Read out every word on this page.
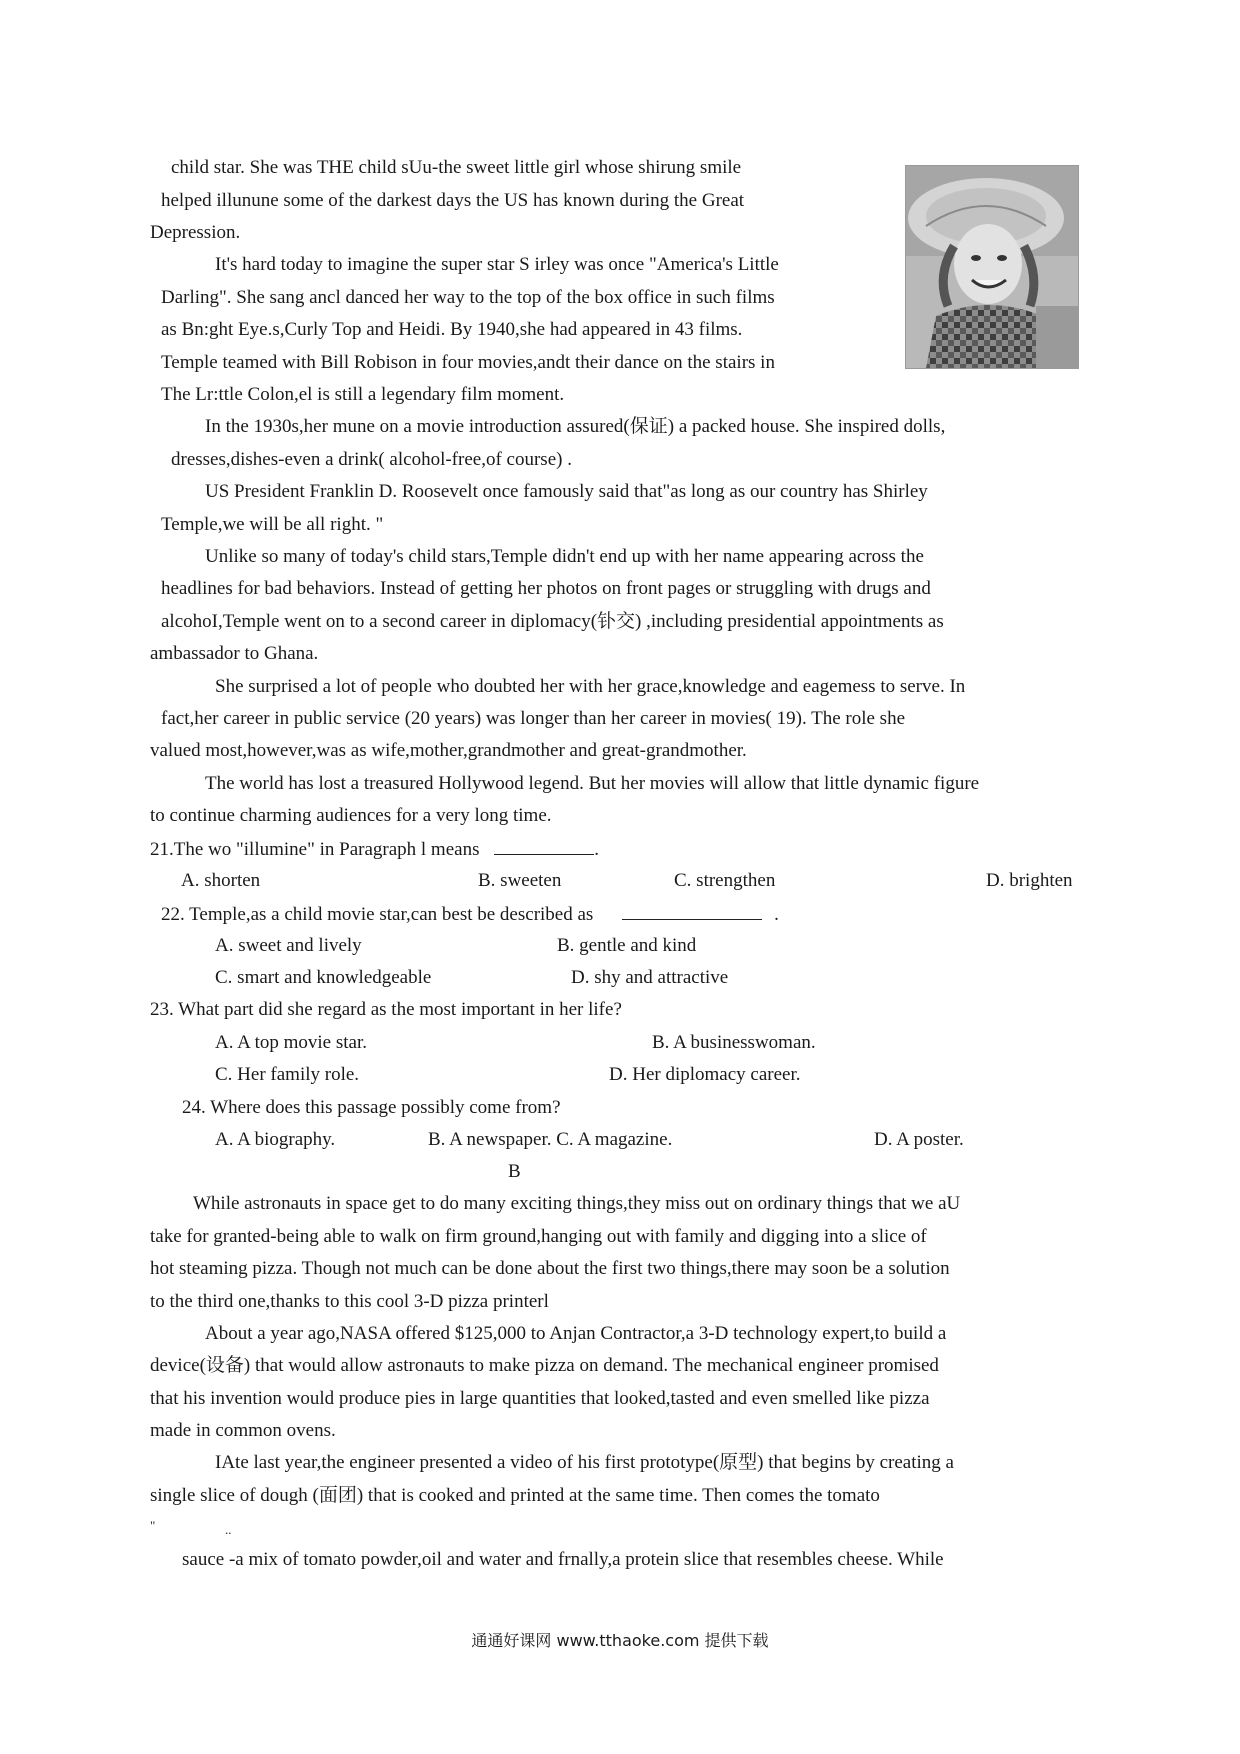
child star. She was THE child sUu-the sweet little girl whose shirung smile
helped illunune some of the darkest days the US has known during the Great
Depression.
It's hard today to imagine the super star S irley was once "America's Little
Darling". She sang ancl danced her way to the top of the box office in such films
as Bn:ght Eye.s,Curly Top and Heidi. By 1940,she had appeared in 43 films.
Temple teamed with Bill Robison in four movies,andt their dance on the stairs in
The Lr:ttle Colon,el is still a legendary film moment.
In the 1930s,her mune on a movie introduction assured(保证) a packed house. She inspired dolls,
dresses,dishes-even a drink( alcohol-free,of course) .
US President Franklin D. Roosevelt once famously said that"as long as our country has Shirley
Temple,we will be all right. "
Unlike so many of today's child stars,Temple didn't end up with her name appearing across the
headlines for bad behaviors. Instead of getting her photos on front pages or struggling with drugs and
alcohoI,Temple went on to a second career in diplomacy(钋交) ,including presidential appointments as
ambassador to Ghana.
She surprised a lot of people who doubted her with her grace,knowledge and eagemess to serve. In
fact,her career in public service (20 years) was longer than her career in movies( 19). The role she
valued most,however,was as wife,mother,grandmother and great-grandmother.
The world has lost a treasured Hollywood legend. But her movies will allow that little dynamic figure
to continue charming audiences for a very long time.
21.The wo "illumine" in Paragraph l means	.
A. shorten	B. sweeten	C. strengthen	D. brighten
22. Temple,as a child movie star,can best be described as	.
A. sweet and lively	B. gentle and kind
C. smart and knowledgeable	D. shy and attractive
23. What part did she regard as the most important in her life?
A. A top movie star.	B. A businesswoman.
C. Her family role.	D. Her diplomacy career.
24. Where does this passage possibly come from?
A. A biography.	B. A newspaper. C. A magazine.	D. A poster.
B
While astronauts in space get to do many exciting things,they miss out on ordinary things that we aU
take for granted-being able to walk on firm ground,hanging out with family and digging into a slice of
hot steaming pizza. Though not much can be done about the first two things,there may soon be a solution
to the third one,thanks to this cool 3-D pizza printerl
About a year ago,NASA offered $125,000 to Anjan Contractor,a 3-D technology expert,to build a
device(设备) that would allow astronauts to make pizza on demand. The mechanical engineer promised
that his invention would produce pies in large quantities that looked,tasted and even smelled like pizza
made in common ovens.
IAte last year,the engineer presented a video of his first prototype(原型) that begins by creating a
single slice of dough (面团) that is cooked and printed at the same time. Then comes the tomato
"	..
sauce -a mix of tomato powder,oil and water and frnally,a protein slice that resembles cheese. While
通通好课网 www.tthaoke.com 提供下载
